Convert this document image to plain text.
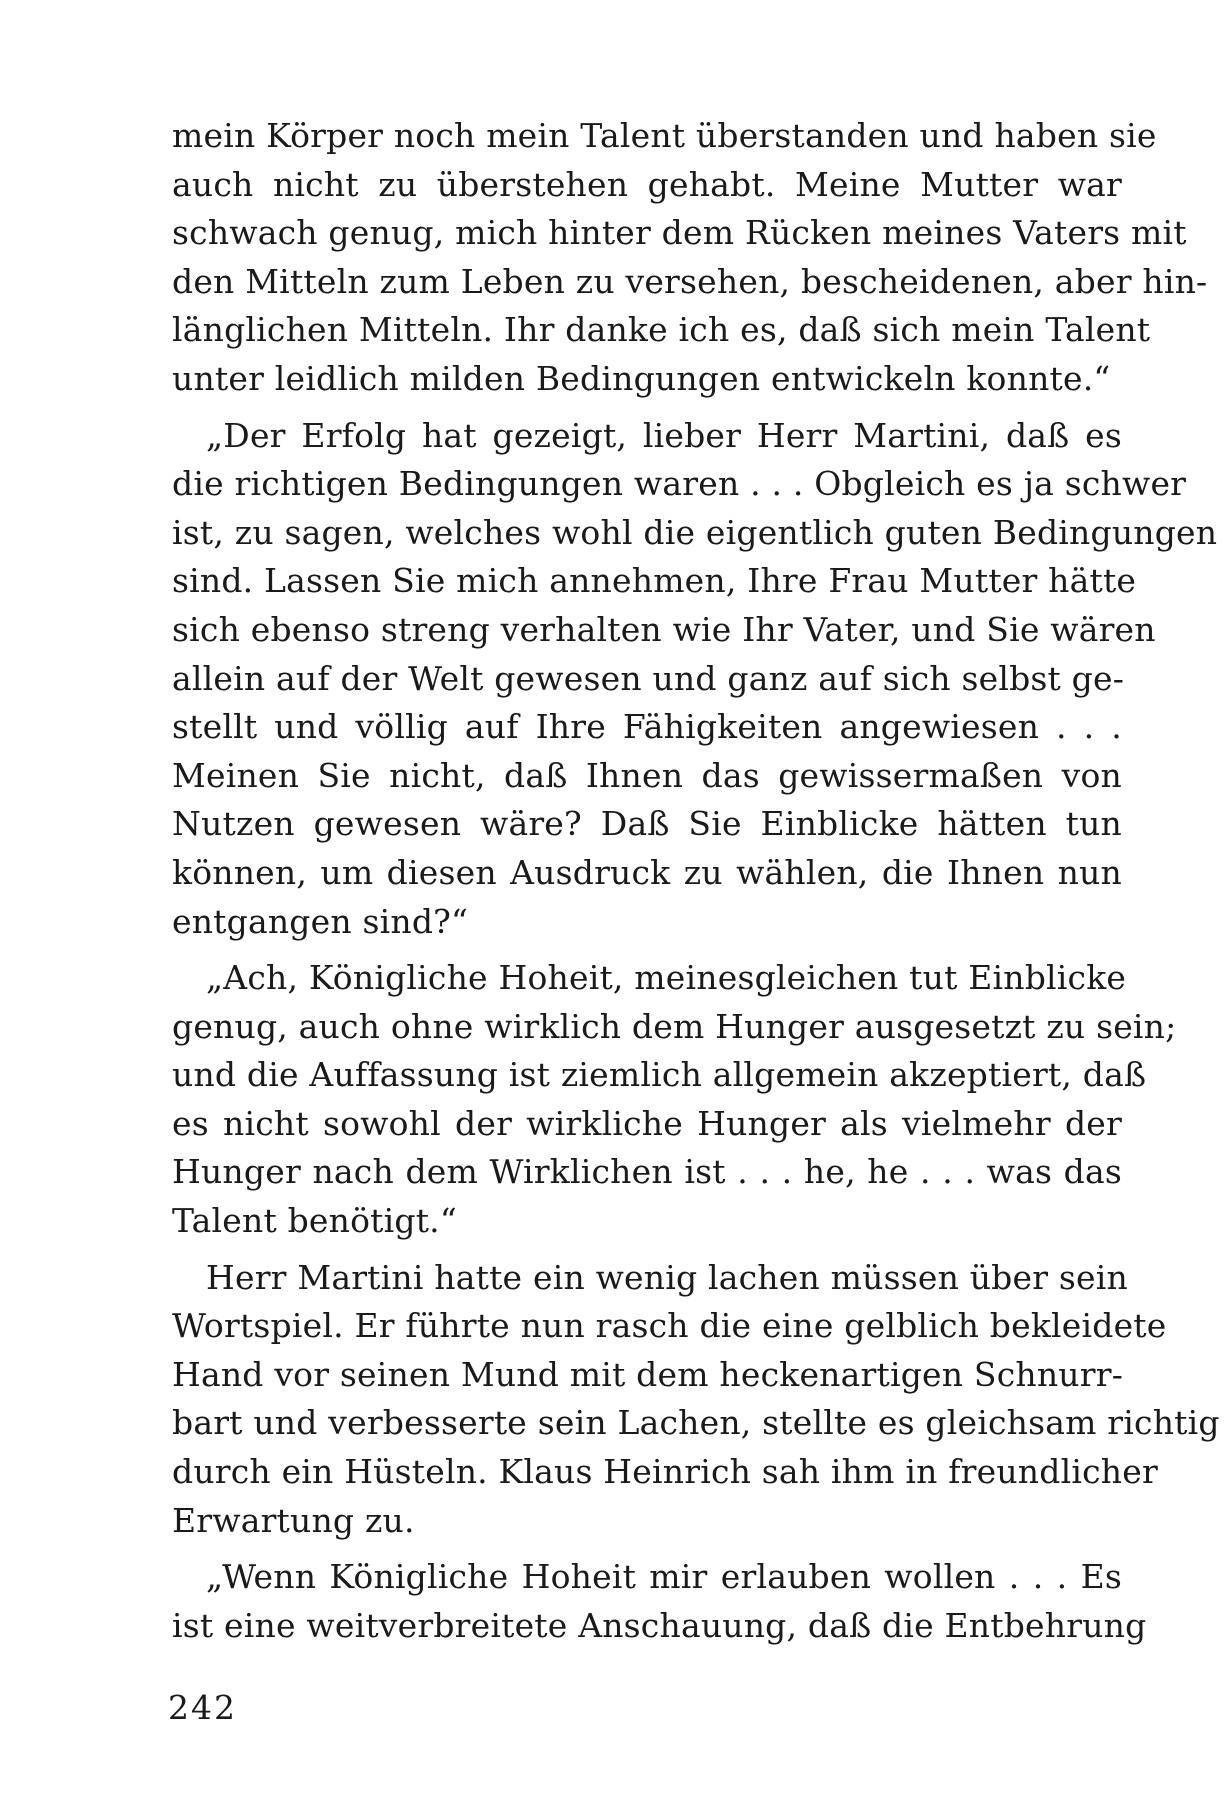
mein Körper noch mein Talent überstanden und haben sie
auch nicht zu überstehen gehabt. Meine Mutter war
schwach genug, mich hinter dem Rücken meines Vaters mit
den Mitteln zum Leben zu versehen, bescheidenen, aber hin-
länglichen Mitteln. Ihr danke ich es, daß sich mein Talent
unter leidlich milden Bedingungen entwickeln konnte.“
„Der Erfolg hat gezeigt, lieber Herr Martini, daß es
die richtigen Bedingungen waren . . . Obgleich es ja schwer
ist, zu sagen, welches wohl die eigentlich guten Bedingungen
sind. Lassen Sie mich annehmen, Ihre Frau Mutter hätte
sich ebenso streng verhalten wie Ihr Vater, und Sie wären
allein auf der Welt gewesen und ganz auf sich selbst ge-
stellt und völlig auf Ihre Fähigkeiten angewiesen . . .
Meinen Sie nicht, daß Ihnen das gewissermaßen von
Nutzen gewesen wäre? Daß Sie Einblicke hätten tun
können, um diesen Ausdruck zu wählen, die Ihnen nun
entgangen sind?“
„Ach, Königliche Hoheit, meinesgleichen tut Einblicke
genug, auch ohne wirklich dem Hunger ausgesetzt zu sein;
und die Auffassung ist ziemlich allgemein akzeptiert, daß
es nicht sowohl der wirkliche Hunger als vielmehr der
Hunger nach dem Wirklichen ist . . . he, he . . . was das
Talent benötigt.“
Herr Martini hatte ein wenig lachen müssen über sein
Wortspiel. Er führte nun rasch die eine gelblich bekleidete
Hand vor seinen Mund mit dem heckenartigen Schnurr-
bart und verbesserte sein Lachen, stellte es gleichsam richtig
durch ein Hüsteln. Klaus Heinrich sah ihm in freundlicher
Erwartung zu.
„Wenn Königliche Hoheit mir erlauben wollen . . . Es
ist eine weitverbreitete Anschauung, daß die Entbehrung
242
